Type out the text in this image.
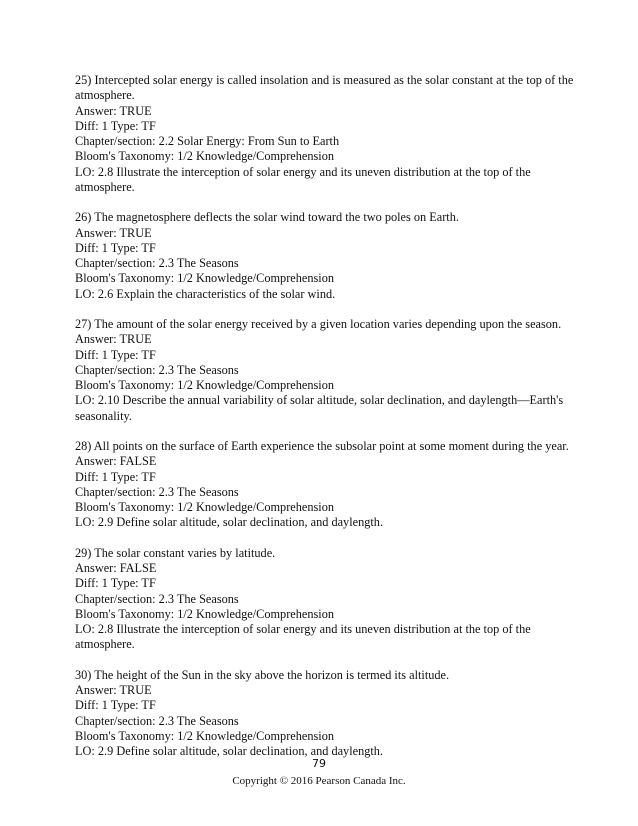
25) Intercepted solar energy is called insolation and is measured as the solar constant at the top of the atmosphere.

Answer: TRUE

Diff: 1 Type: TF

Chapter/section: 2.2 Solar Energy: From Sun to Earth

Bloom's Taxonomy: 1/2 Knowledge/Comprehension

LO: 2.8 Illustrate the interception of solar energy and its uneven distribution at the top of the atmosphere.

26) The magnetosphere deflects the solar wind toward the two poles on Earth.

Answer: TRUE

Diff: 1 Type: TF

Chapter/section: 2.3 The Seasons

Bloom's Taxonomy: 1/2 Knowledge/Comprehension

LO: 2.6 Explain the characteristics of the solar wind.

27) The amount of the solar energy received by a given location varies depending upon the season.

Answer: TRUE

Diff: 1 Type: TF

Chapter/section: 2.3 The Seasons

Bloom's Taxonomy: 1/2 Knowledge/Comprehension

LO: 2.10 Describe the annual variability of solar altitude, solar declination, and daylength—Earth's seasonality.

28) All points on the surface of Earth experience the subsolar point at some moment during the year.

Answer: FALSE

Diff: 1 Type: TF

Chapter/section: 2.3 The Seasons

Bloom's Taxonomy: 1/2 Knowledge/Comprehension

LO: 2.9 Define solar altitude, solar declination, and daylength.

29) The solar constant varies by latitude.

Answer: FALSE

Diff: 1 Type: TF

Chapter/section: 2.3 The Seasons

Bloom's Taxonomy: 1/2 Knowledge/Comprehension

LO: 2.8 Illustrate the interception of solar energy and its uneven distribution at the top of the atmosphere.

30) The height of the Sun in the sky above the horizon is termed its altitude.

Answer: TRUE

Diff: 1 Type: TF

Chapter/section: 2.3 The Seasons

Bloom's Taxonomy: 1/2 Knowledge/Comprehension

LO: 2.9 Define solar altitude, solar declination, and daylength.

79
Copyright © 2016 Pearson Canada Inc.
